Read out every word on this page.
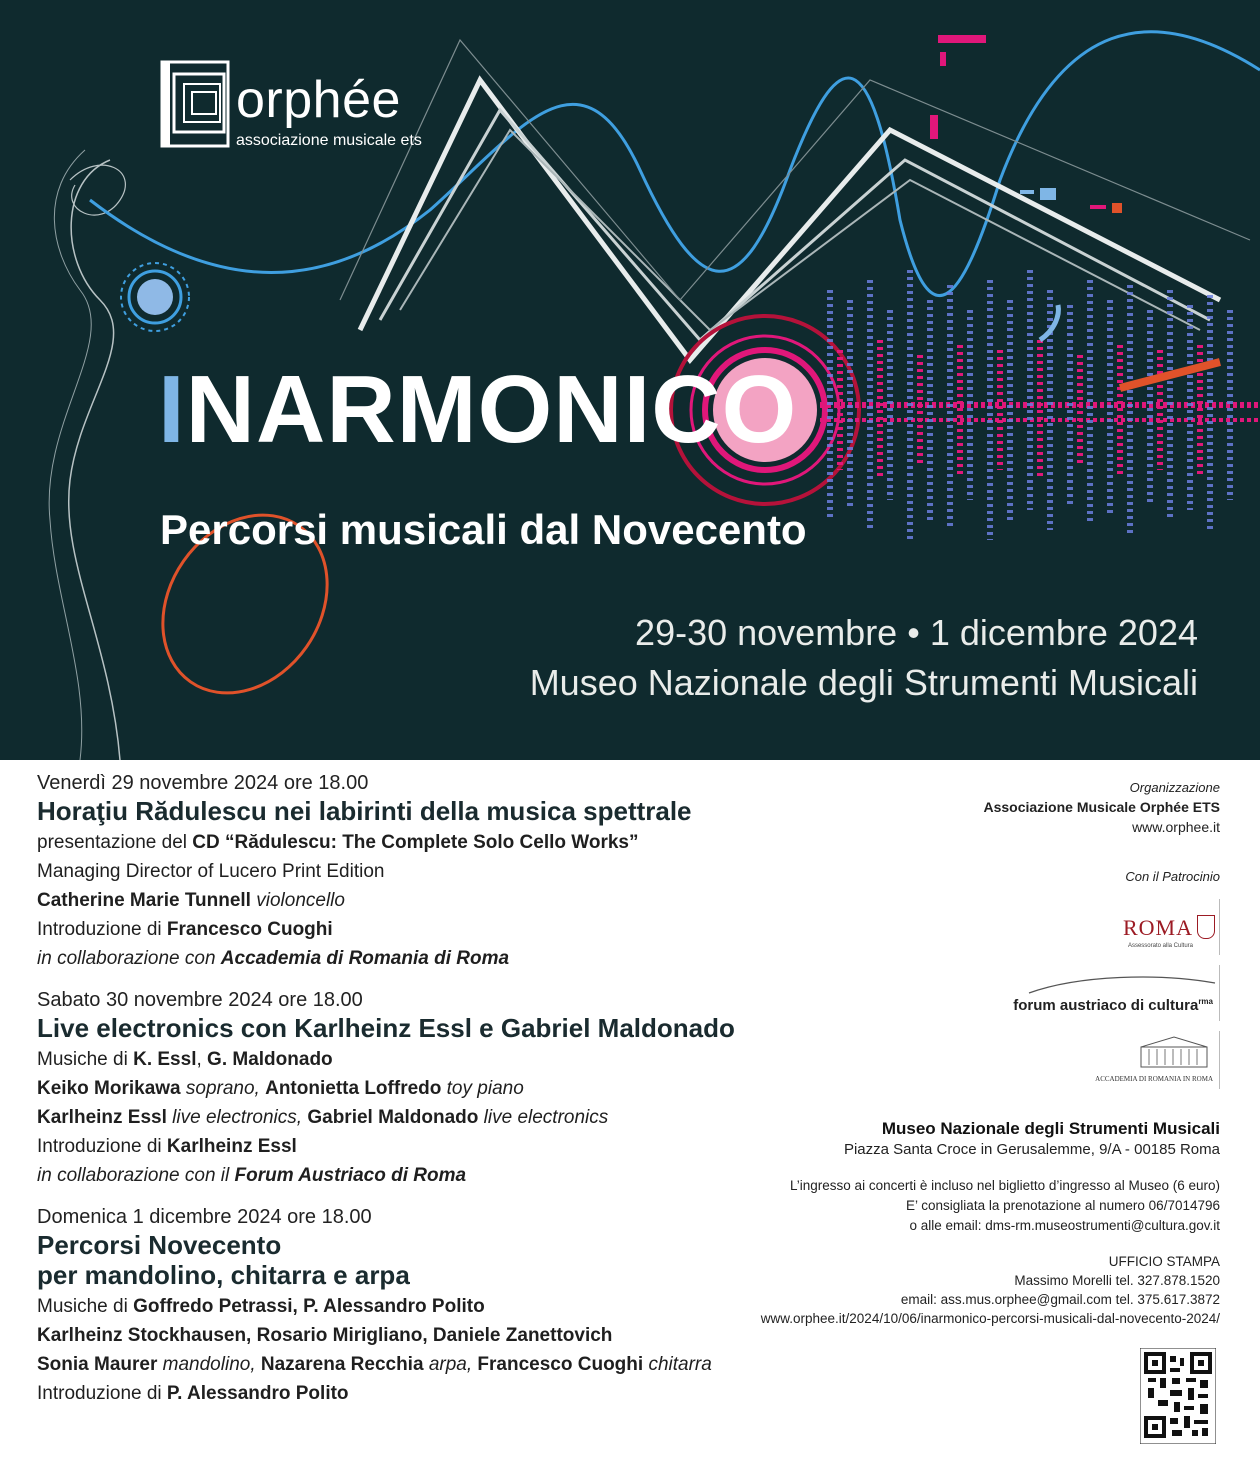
orphée
associazione musicale ets
INARMONICO
Percorsi musicali dal Novecento
29-30 novembre • 1 dicembre 2024
Museo Nazionale degli Strumenti Musicali
Venerdì 29 novembre 2024 ore 18.00
Horaţiu Rădulescu nei labirinti della musica spettrale
presentazione del CD “Rădulescu: The Complete Solo Cello Works”
Managing Director of Lucero Print Edition
Catherine Marie Tunnell violoncello
Introduzione di Francesco Cuoghi
in collaborazione con Accademia di Romania di Roma
Sabato 30 novembre 2024 ore 18.00
Live electronics con Karlheinz Essl e Gabriel Maldonado
Musiche di K. Essl, G. Maldonado
Keiko Morikawa soprano, Antonietta Loffredo toy piano
Karlheinz Essl live electronics, Gabriel Maldonado live electronics
Introduzione di Karlheinz Essl
in collaborazione con il Forum Austriaco di Roma
Domenica 1 dicembre 2024 ore 18.00
Percorsi Novecento
per mandolino, chitarra e arpa
Musiche di Goffredo Petrassi, P. Alessandro Polito
Karlheinz Stockhausen, Rosario Mirigliano, Daniele Zanettovich
Sonia Maurer mandolino, Nazarena Recchia arpa, Francesco Cuoghi chitarra
Introduzione di P. Alessandro Polito
Organizzazione
Associazione Musicale Orphée ETS
www.orphee.it
Con il Patrocinio
ROMA
Assessorato alla Cultura
forum austriaco di cultura$^{rma}$
ACCADEMIA DI ROMANIA IN ROMA
Museo Nazionale degli Strumenti Musicali
Piazza Santa Croce in Gerusalemme, 9/A - 00185 Roma
L’ingresso ai concerti è incluso nel biglietto d’ingresso al Museo (6 euro)
E’ consigliata la prenotazione al numero 06/7014796
o alle email: dms-rm.museostrumenti@cultura.gov.it
UFFICIO STAMPA
Massimo Morelli tel. 327.878.1520
email: ass.mus.orphee@gmail.com tel. 375.617.3872
www.orphee.it/2024/10/06/inarmonico-percorsi-musicali-dal-novecento-2024/
